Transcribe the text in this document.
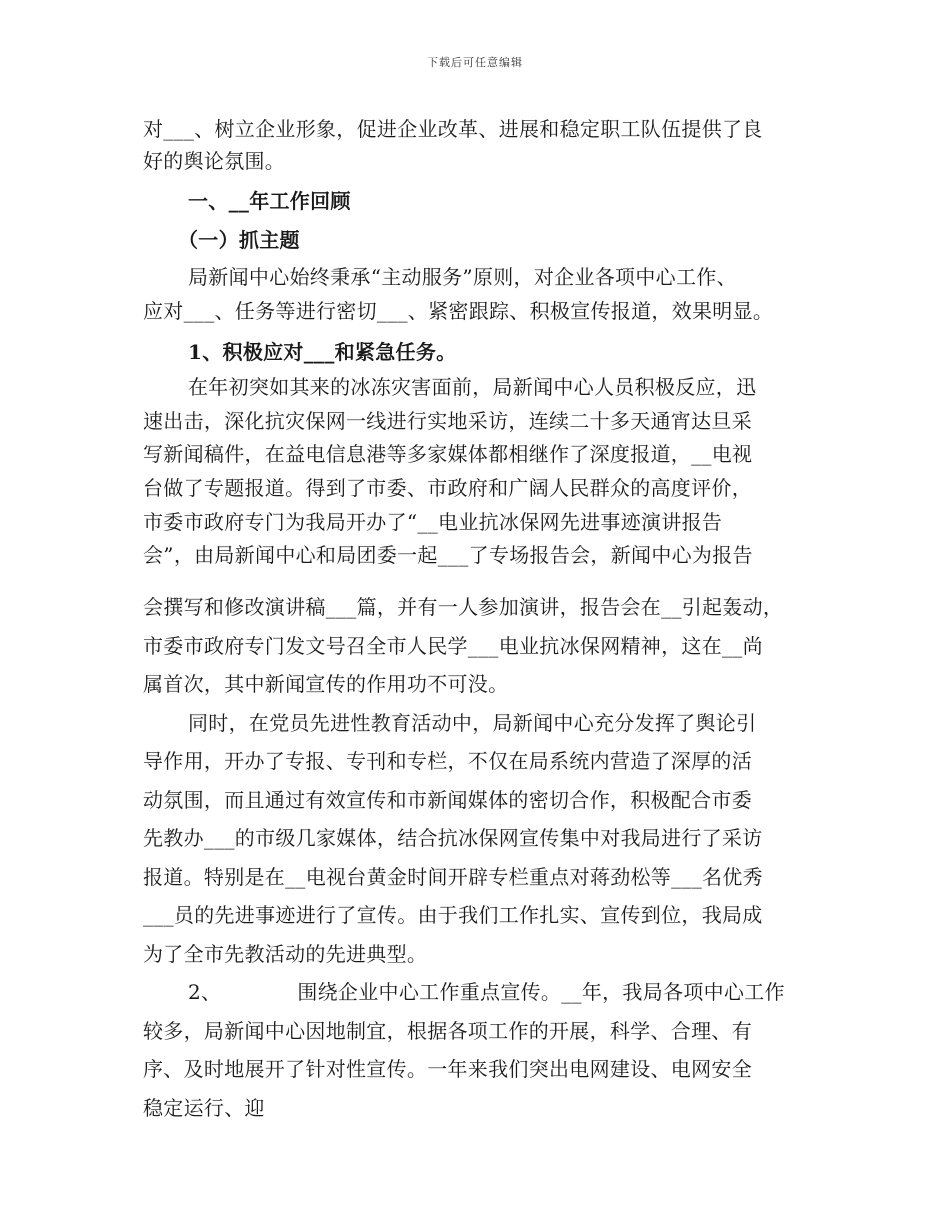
下载后可任意编辑
对___、树立企业形象，促进企业改革、进展和稳定职工队伍提供了良
好的舆论氛围。
一、__年工作回顾
（一）抓主题
局新闻中心始终秉承“主动服务”原则，对企业各项中心工作、
应对___、任务等进行密切___、紧密跟踪、积极宣传报道，效果明显。
1、积极应对___和紧急任务。
在年初突如其来的冰冻灾害面前，局新闻中心人员积极反应，迅
速出击，深化抗灾保网一线进行实地采访，连续二十多天通宵达旦采
写新闻稿件，在益电信息港等多家媒体都相继作了深度报道，__电视
台做了专题报道。得到了市委、市政府和广阔人民群众的高度评价，
市委市政府专门为我局开办了“__电业抗冰保网先进事迹演讲报告
会”，由局新闻中心和局团委一起___了专场报告会，新闻中心为报告
会撰写和修改演讲稿___篇，并有一人参加演讲，报告会在__引起轰动，
市委市政府专门发文号召全市人民学___电业抗冰保网精神，这在__尚
属首次，其中新闻宣传的作用功不可没。
同时，在党员先进性教育活动中，局新闻中心充分发挥了舆论引
导作用，开办了专报、专刊和专栏，不仅在局系统内营造了深厚的活
动氛围，而且通过有效宣传和市新闻媒体的密切合作，积极配合市委
先教办___的市级几家媒体，结合抗冰保网宣传集中对我局进行了采访
报道。特别是在__电视台黄金时间开辟专栏重点对蒋劲松等___名优秀
___员的先进事迹进行了宣传。由于我们工作扎实、宣传到位，我局成
为了全市先教活动的先进典型。
2、	围绕企业中心工作重点宣传。__年，我局各项中心工作
较多，局新闻中心因地制宜，根据各项工作的开展，科学、合理、有
序、及时地展开了针对性宣传。一年来我们突出电网建设、电网安全
稳定运行、迎
